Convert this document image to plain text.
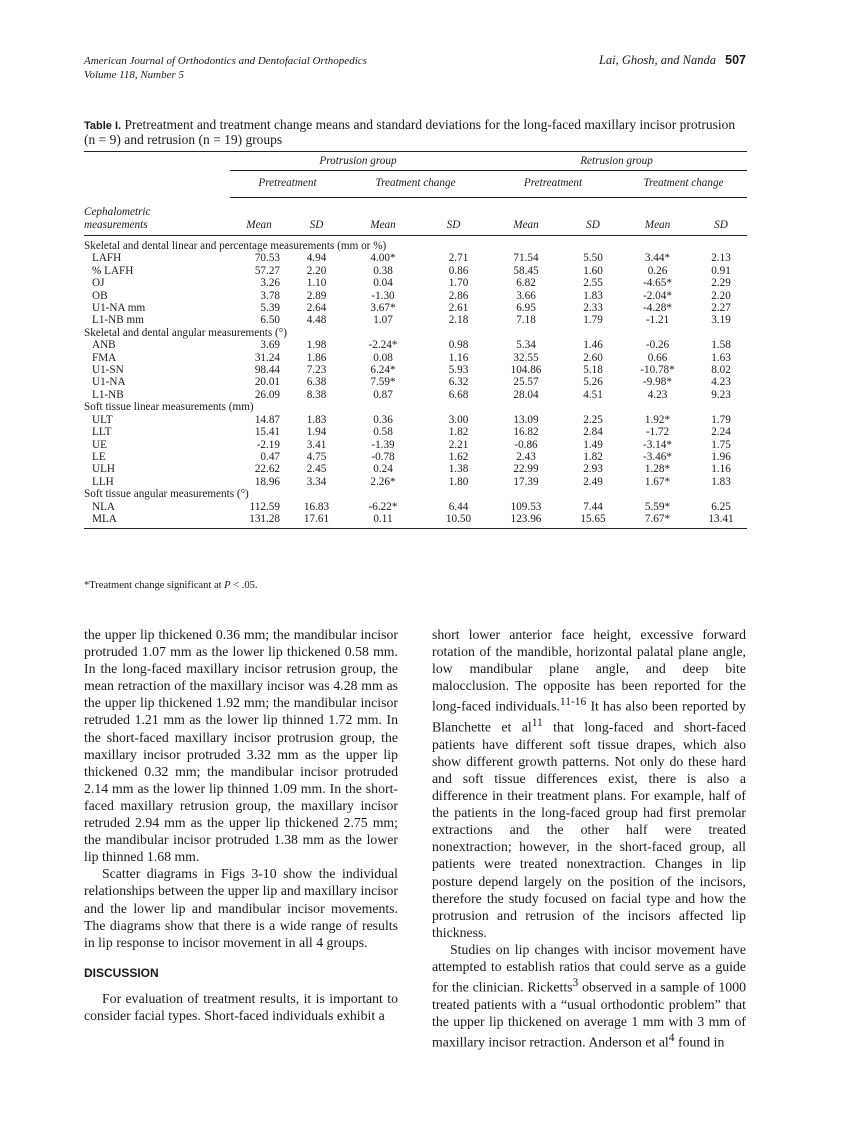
American Journal of Orthodontics and Dentofacial Orthopedics
Volume 118, Number 5
Lai, Ghosh, and Nanda 507
Table I. Pretreatment and treatment change means and standard deviations for the long-faced maxillary incisor protrusion (n = 9) and retrusion (n = 19) groups
	Protrusion group				Retrusion group			
	Pretreatment		Treatment change		Pretreatment		Treatment change	

Cephalometric
measurements	Mean	SD	Mean	SD	Mean	SD	Mean	SD
Skeletal and dental linear and percentage measurements (mm or %)								
LAFH	70.53	4.94	4.00*	2.71	71.54	5.50	3.44*	2.13
% LAFH	57.27	2.20	0.38	0.86	58.45	1.60	0.26	0.91
OJ	3.26	1.10	0.04	1.70	6.82	2.55	-4.65*	2.29
OB	3.78	2.89	-1.30	2.86	3.66	1.83	-2.04*	2.20
U1-NA mm	5.39	2.64	3.67*	2.61	6.95	2.33	-4.28*	2.27
L1-NB mm	6.50	4.48	1.07	2.18	7.18	1.79	-1.21	3.19
Skeletal and dental angular measurements (°)								
ANB	3.69	1.98	-2.24*	0.98	5.34	1.46	-0.26	1.58
FMA	31.24	1.86	0.08	1.16	32.55	2.60	0.66	1.63
U1-SN	98.44	7.23	6.24*	5.93	104.86	5.18	-10.78*	8.02
U1-NA	20.01	6.38	7.59*	6.32	25.57	5.26	-9.98*	4.23
L1-NB	26.09	8.38	0.87	6.68	28.04	4.51	4.23	9.23
Soft tissue linear measurements (mm)								
ULT	14.87	1.83	0.36	3.00	13.09	2.25	1.92*	1.79
LLT	15.41	1.94	0.58	1.82	16.82	2.84	-1.72	2.24
UE	-2.19	3.41	-1.39	2.21	-0.86	1.49	-3.14*	1.75
LE	0.47	4.75	-0.78	1.62	2.43	1.82	-3.46*	1.96
ULH	22.62	2.45	0.24	1.38	22.99	2.93	1.28*	1.16
LLH	18.96	3.34	2.26*	1.80	17.39	2.49	1.67*	1.83
Soft tissue angular measurements (°)								
NLA	112.59	16.83	-6.22*	6.44	109.53	7.44	5.59*	6.25
MLA	131.28	17.61	0.11	10.50	123.96	15.65	7.67*	13.41
*Treatment change significant at P < .05.

the upper lip thickened 0.36 mm; the mandibular incisor protruded 1.07 mm as the lower lip thickened 0.58 mm. In the long-faced maxillary incisor retrusion group, the mean retraction of the maxillary incisor was 4.28 mm as the upper lip thickened 1.92 mm; the mandibular incisor retruded 1.21 mm as the lower lip thinned 1.72 mm. In the short-faced maxillary incisor protrusion group, the maxillary incisor protruded 3.32 mm as the upper lip thickened 0.32 mm; the mandibular incisor protruded 2.14 mm as the lower lip thinned 1.09 mm. In the short-faced maxillary retrusion group, the maxillary incisor retruded 2.94 mm as the upper lip thickened 2.75 mm; the mandibular incisor protruded 1.38 mm as the lower lip thinned 1.68 mm.

Scatter diagrams in Figs 3-10 show the individual relationships between the upper lip and maxillary incisor and the lower lip and mandibular incisor movements. The diagrams show that there is a wide range of results in lip response to incisor movement in all 4 groups.

DISCUSSION

For evaluation of treatment results, it is important to consider facial types. Short-faced individuals exhibit a

short lower anterior face height, excessive forward rotation of the mandible, horizontal palatal plane angle, low mandibular plane angle, and deep bite malocclusion. The opposite has been reported for the long-faced individuals.$^{11-16}$ It has also been reported by Blanchette et $al^{11}$ that long-faced and short-faced patients have different soft tissue drapes, which also show different growth patterns. Not only do these hard and soft tissue differences exist, there is also a difference in their treatment plans. For example, half of the patients in the long-faced group had first premolar extractions and the other half were treated nonextraction; however, in the short-faced group, all patients were treated nonextraction. Changes in lip posture depend largely on the position of the incisors, therefore the study focused on facial type and how the protrusion and retrusion of the incisors affected lip thickness.

Studies on lip changes with incisor movement have attempted to establish ratios that could serve as a guide for the clinician. Ricketts$^3$ observed in a sample of 1000 treated patients with a “usual orthodontic problem” that the upper lip thickened on average 1 mm with 3 mm of maxillary incisor retraction. Anderson et $al^4$ found in
